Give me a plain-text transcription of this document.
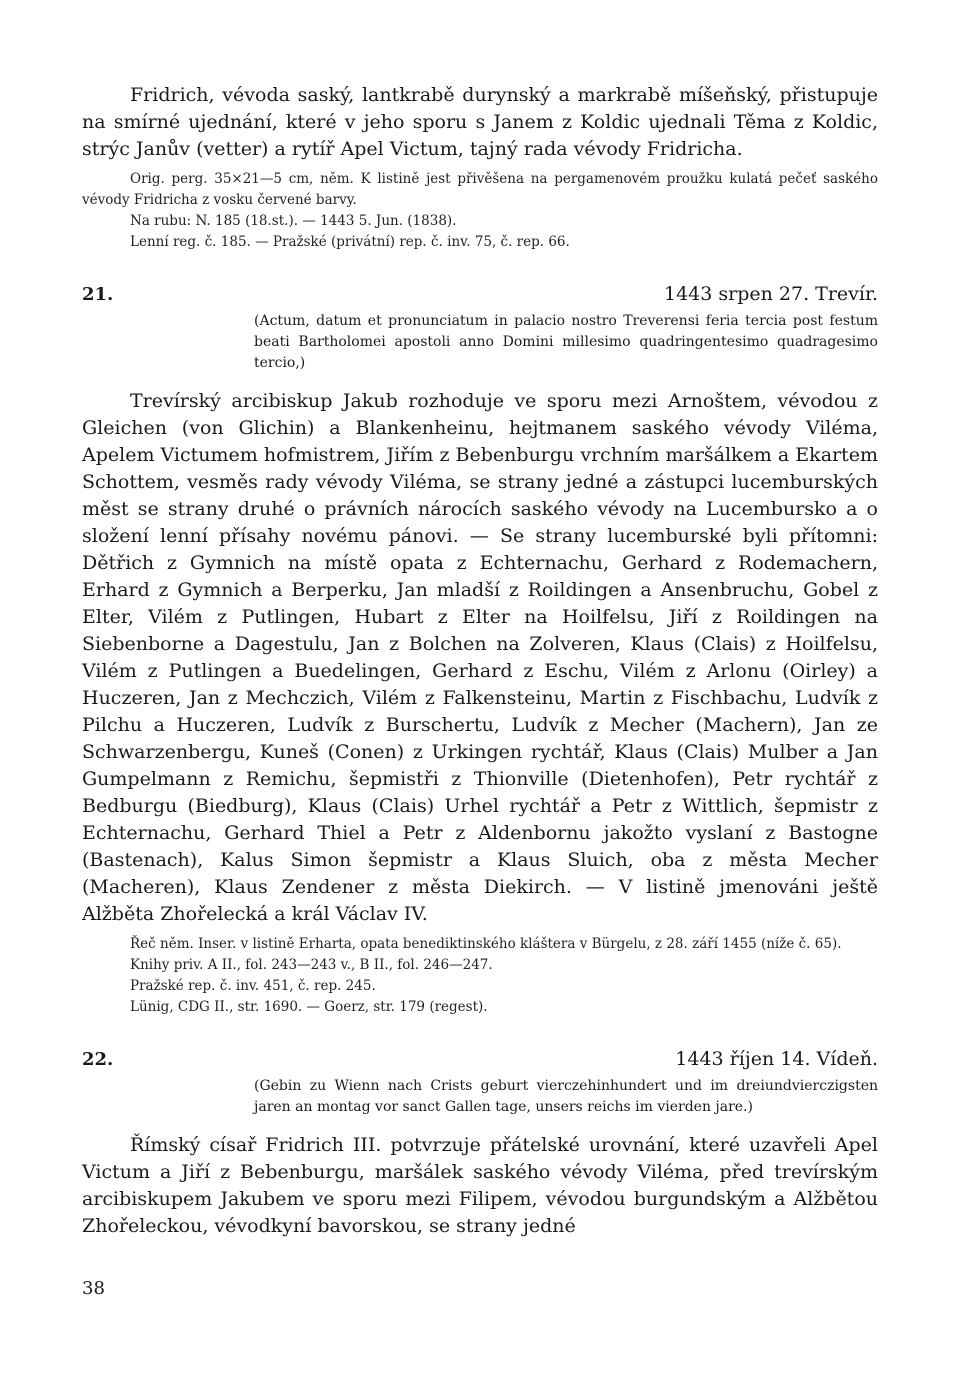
Fridrich, vévoda saský, lantkrabě durynský a markrabě míšeňský, přistupuje na smírné ujednání, které v jeho sporu s Janem z Koldic ujednali Těma z Koldic, strýc Janův (vetter) a rytíř Apel Victum, tajný rada vévody Fridricha.

Orig. perg. 35×21—5 cm, něm. K listině jest přivěšena na pergamenovém proužku kulatá pečeť saského vévody Fridricha z vosku červené barvy.

Na rubu: N. 185 (18.st.). — 1443 5. Jun. (1838).

Lenní reg. č. 185. — Pražské (privátní) rep. č. inv. 75, č. rep. 66.

21.	1443 srpen 27. Trevír.

(Actum, datum et pronunciatum in palacio nostro Treverensi feria tercia post festum beati Bartholomei apostoli anno Domini millesimo quadringentesimo quadragesimo tercio,)

Trevírský arcibiskup Jakub rozhoduje ve sporu mezi Arnoštem, vévodou z Gleichen (von Glichin) a Blankenheinu, hejtmanem saského vévody Viléma, Apelem Victumem hofmistrem, Jiřím z Bebenburgu vrchním maršálkem a Ekartem Schottem, vesměs rady vévody Viléma, se strany jedné a zástupci lucemburských měst se strany druhé o právních nárocích saského vévody na Lucembursko a o složení lenní přísahy novému pánovi. — Se strany lucemburské byli přítomni: Dětřich z Gymnich na místě opata z Echternachu, Gerhard z Rodemachern, Erhard z Gymnich a Berperku, Jan mladší z Roildingen a Ansenbruchu, Gobel z Elter, Vilém z Putlingen, Hubart z Elter na Hoilfelsu, Jiří z Roildingen na Siebenborne a Dagestulu, Jan z Bolchen na Zolveren, Klaus (Clais) z Hoilfelsu, Vilém z Putlingen a Buedelingen, Gerhard z Eschu, Vilém z Arlonu (Oirley) a Huczeren, Jan z Mechczich, Vilém z Falkensteinu, Martin z Fischbachu, Ludvík z Pilchu a Huczeren, Ludvík z Burschertu, Ludvík z Mecher (Machern), Jan ze Schwarzenbergu, Kuneš (Conen) z Urkingen rychtář, Klaus (Clais) Mulber a Jan Gumpelmann z Remichu, šepmistři z Thionville (Dietenhofen), Petr rychtář z Bedburgu (Biedburg), Klaus (Clais) Urhel rychtář a Petr z Wittlich, šepmistr z Echternachu, Gerhard Thiel a Petr z Aldenbornu jakožto vyslaní z Bastogne (Bastenach), Kalus Simon šepmistr a Klaus Sluich, oba z města Mecher (Macheren), Klaus Zendener z města Diekirch. — V listině jmenováni ještě Alžběta Zhořelecká a král Václav IV.

Řeč něm. Inser. v listině Erharta, opata benediktinského kláštera v Bürgelu, z 28. září 1455 (níže č. 65).

Knihy priv. A II., fol. 243—243 v., B II., fol. 246—247.

Pražské rep. č. inv. 451, č. rep. 245.

Lünig, CDG II., str. 1690. — Goerz, str. 179 (regest).

22.	1443 říjen 14. Vídeň.

(Gebin zu Wienn nach Crists geburt vierczehinhundert und im dreiundvierczigsten jaren an montag vor sanct Gallen tage, unsers reichs im vierden jare.)

Římský císař Fridrich III. potvrzuje přátelské urovnání, které uzavřeli Apel Victum a Jiří z Bebenburgu, maršálek saského vévody Viléma, před trevírským arcibiskupem Jakubem ve sporu mezi Filipem, vévodou burgundským a Alžbětou Zhořeleckou, vévodkyní bavorskou, se strany jedné

38
